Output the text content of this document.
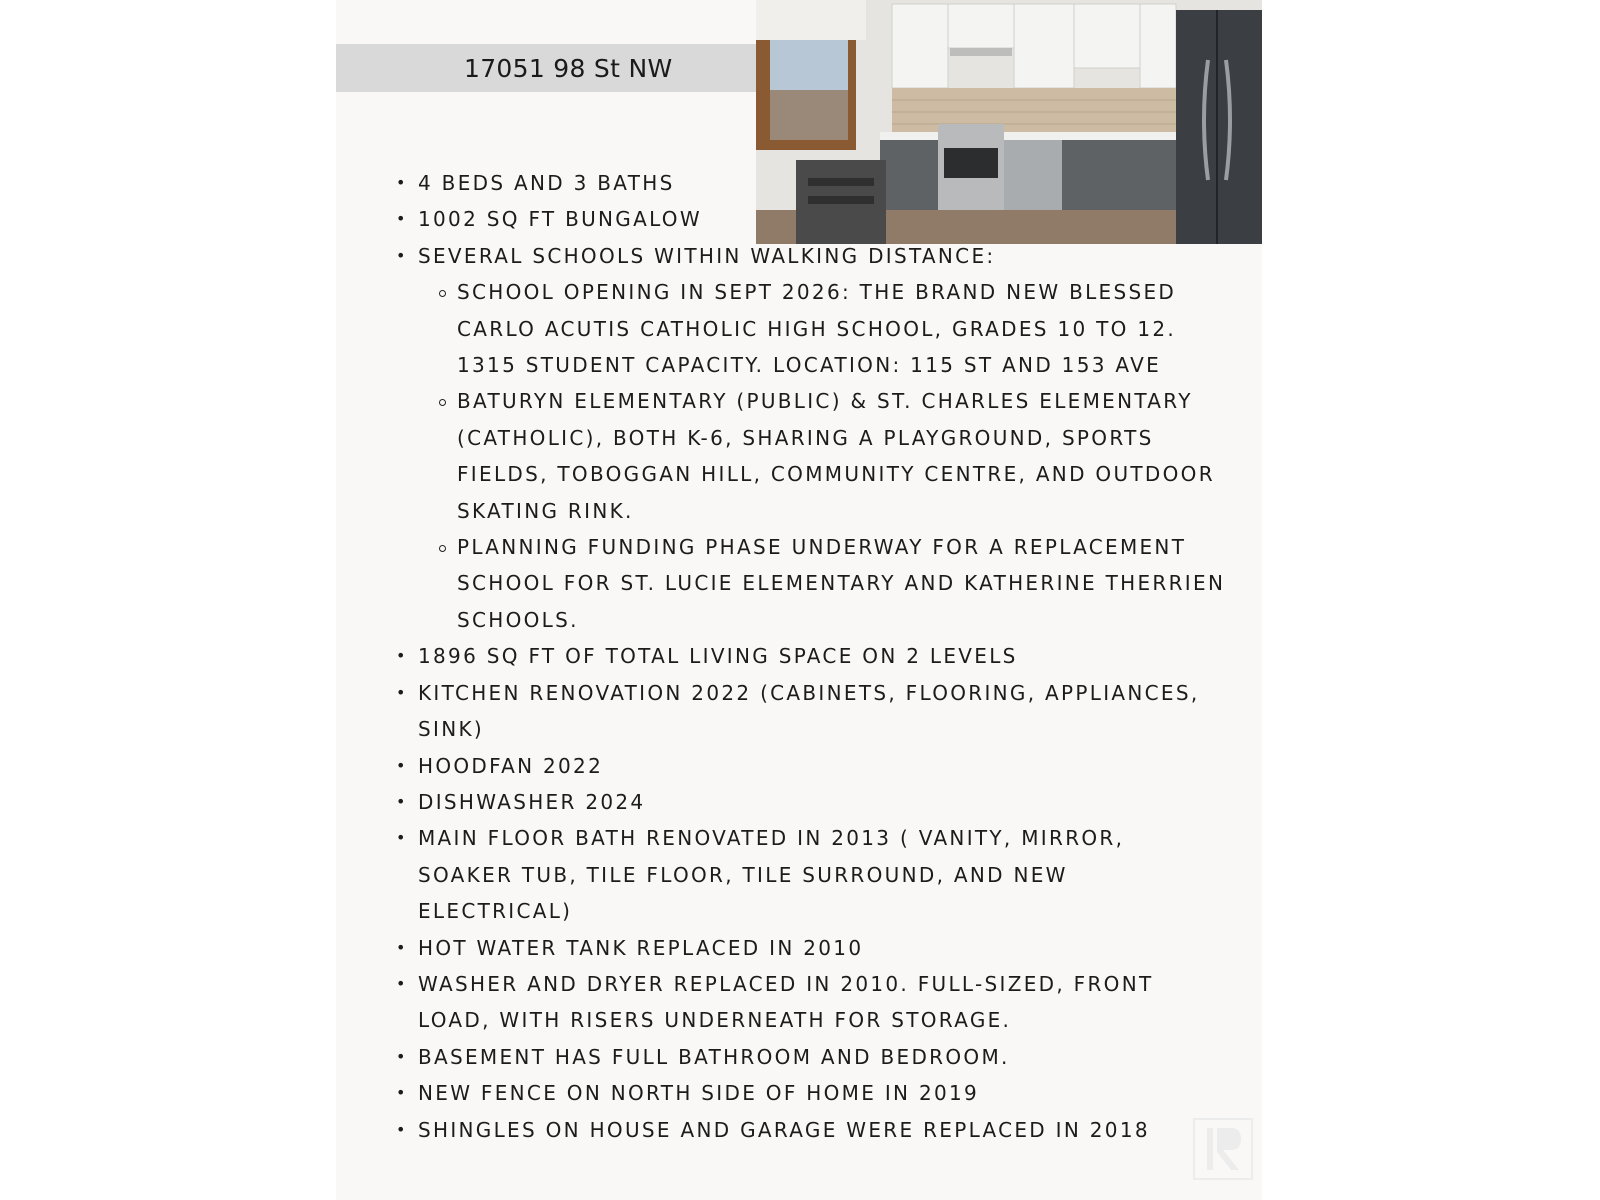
17051 98 St NW
• 4 BEDS AND 3 BATHS
• 1002 SQ FT BUNGALOW
• SEVERAL SCHOOLS WITHIN WALKING DISTANCE:
SCHOOL OPENING IN SEPT 2026: THE BRAND NEW BLESSED CARLO ACUTIS CATHOLIC HIGH SCHOOL, GRADES 10 TO 12. 1315 STUDENT CAPACITY. LOCATION: 115 ST AND 153 AVE
BATURYN ELEMENTARY (PUBLIC) & ST. CHARLES ELEMENTARY (CATHOLIC), BOTH K-6, SHARING A PLAYGROUND, SPORTS FIELDS, TOBOGGAN HILL, COMMUNITY CENTRE, AND OUTDOOR SKATING RINK.
PLANNING FUNDING PHASE UNDERWAY FOR A REPLACEMENT SCHOOL FOR ST. LUCIE ELEMENTARY AND KATHERINE THERRIEN SCHOOLS.
• 1896 SQ FT OF TOTAL LIVING SPACE ON 2 LEVELS
• KITCHEN RENOVATION 2022 (CABINETS, FLOORING, APPLIANCES, SINK)
• HOODFAN 2022
• DISHWASHER 2024
• MAIN FLOOR BATH RENOVATED IN 2013 ( VANITY, MIRROR, SOAKER TUB, TILE FLOOR, TILE SURROUND, AND NEW ELECTRICAL)
• HOT WATER TANK REPLACED IN 2010
• WASHER AND DRYER REPLACED IN 2010. FULL-SIZED, FRONT LOAD, WITH RISERS UNDERNEATH FOR STORAGE.
• BASEMENT HAS FULL BATHROOM AND BEDROOM.
• NEW FENCE ON NORTH SIDE OF HOME IN 2019
• SHINGLES ON HOUSE AND GARAGE WERE REPLACED IN 2018
